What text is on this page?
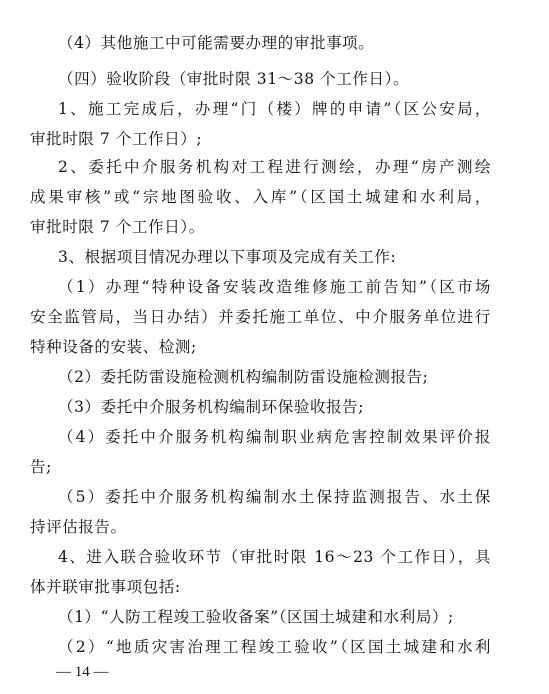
（4）其他施工中可能需要办理的审批事项。
（四）验收阶段（审批时限 31～38 个工作日）。
1、施工完成后，办理“门（楼）牌的申请”（区公安局，
审批时限 7 个工作日）;
2、委托中介服务机构对工程进行测绘，办理“房产测绘
成果审核”或“宗地图验收、入库”（区国土城建和水利局，
审批时限 7 个工作日）。
3、根据项目情况办理以下事项及完成有关工作:
（1）办理“特种设备安装改造维修施工前告知”（区市场
安全监管局，当日办结）并委托施工单位、中介服务单位进行
特种设备的安装、检测;
（2）委托防雷设施检测机构编制防雷设施检测报告;
（3）委托中介服务机构编制环保验收报告;
（4）委托中介服务机构编制职业病危害控制效果评价报
告;
（5）委托中介服务机构编制水土保持监测报告、水土保
持评估报告。
4、进入联合验收环节（审批时限 16～23 个工作日），具
体并联审批事项包括:
（1）“人防工程竣工验收备案”（区国土城建和水利局）;
（2）“地质灾害治理工程竣工验收”（区国土城建和水利
— 14 —
